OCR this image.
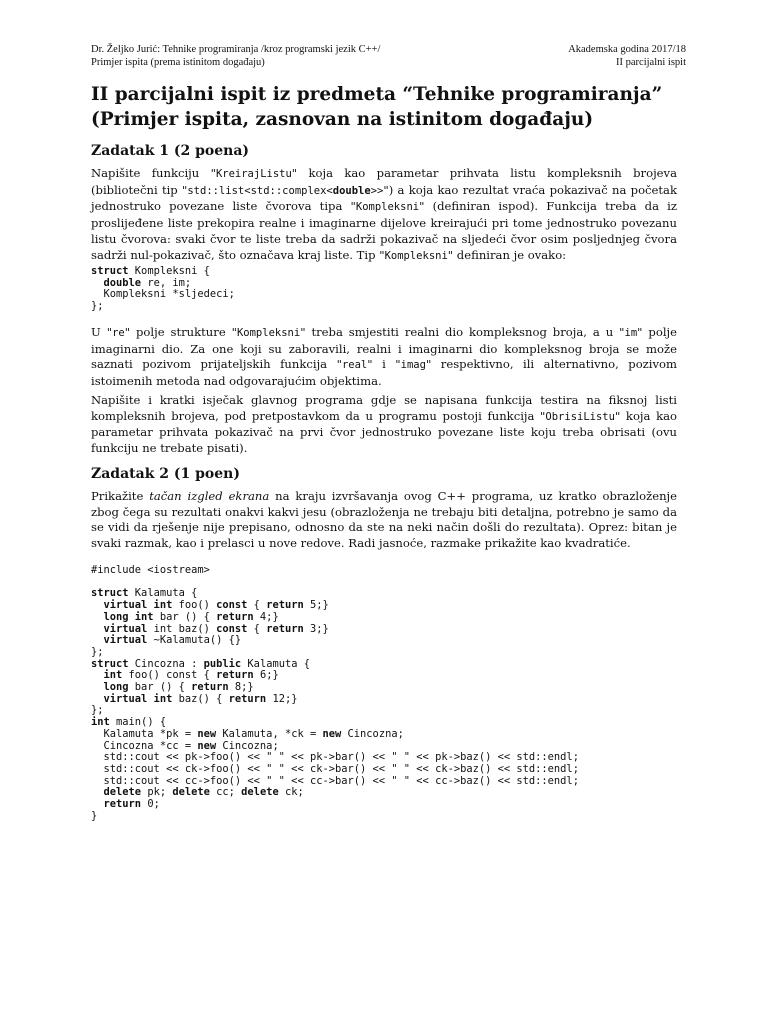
Dr. Željko Jurić: Tehnike programiranja /kroz programski jezik C++/	Akademska godina 2017/18
Primjer ispita (prema istinitom događaju)	II parcijalni ispit
II parcijalni ispit iz predmeta “Tehnike programiranja”
(Primjer ispita, zasnovan na istinitom događaju)
Zadatak 1 (2 poena)
Napišite funkciju "KreirajListu" koja kao parametar prihvata listu kompleksnih brojeva (bibliotečni tip "std::list<std::complex<double>>") a koja kao rezultat vraća pokazivač na početak jednostruko povezane liste čvorova tipa "Kompleksni" (definiran ispod). Funkcija treba da iz proslijeđene liste prekopira realne i imaginarne dijelove kreirajući pri tome jednostruko povezanu listu čvorova: svaki čvor te liste treba da sadrži pokazivač na sljedeći čvor osim posljednjeg čvora sadrži nul-pokazivač, što označava kraj liste. Tip "Kompleksni" definiran je ovako:
struct Kompleksni {
double re, im;
Kompleksni *sljedeci;
};
U "re" polje strukture "Kompleksni" treba smjestiti realni dio kompleksnog broja, a u "im" polje imaginarni dio. Za one koji su zaboravili, realni i imaginarni dio kompleksnog broja se može saznati pozivom prijateljskih funkcija "real" i "imag" respektivno, ili alternativno, pozivom istoimenih metoda nad odgovarajućim objektima.
Napišite i kratki isječak glavnog programa gdje se napisana funkcija testira na fiksnoj listi kompleksnih brojeva, pod pretpostavkom da u programu postoji funkcija "ObrisiListu" koja kao parametar prihvata pokazivač na prvi čvor jednostruko povezane liste koju treba obrisati (ovu funkciju ne trebate pisati).
Zadatak 2 (1 poen)
Prikažite tačan izgled ekrana na kraju izvršavanja ovog C++ programa, uz kratko obrazloženje zbog čega su rezultati onakvi kakvi jesu (obrazloženja ne trebaju biti detaljna, potrebno je samo da se vidi da rješenje nije prepisano, odnosno da ste na neki način došli do rezultata). Oprez: bitan je svaki razmak, kao i prelasci u nove redove. Radi jasnoće, razmake prikažite kao kvadratiće.
#include <iostream>
struct Kalamuta {
virtual int foo() const { return 5;}
long int bar () { return 4;}
virtual int baz() const { return 3;}
virtual ~Kalamuta() {}
};
struct Cincozna : public Kalamuta {
int foo() const { return 6;}
long bar () { return 8;}
virtual int baz() { return 12;}
};
int main() {
Kalamuta *pk = new Kalamuta, *ck = new Cincozna;
Cincozna *cc = new Cincozna;
std::cout << pk->foo() << " " << pk->bar() << " " << pk->baz() << std::endl;
std::cout << ck->foo() << " " << ck->bar() << " " << ck->baz() << std::endl;
std::cout << cc->foo() << " " << cc->bar() << " " << cc->baz() << std::endl;
delete pk; delete cc; delete ck;
return 0;
}
